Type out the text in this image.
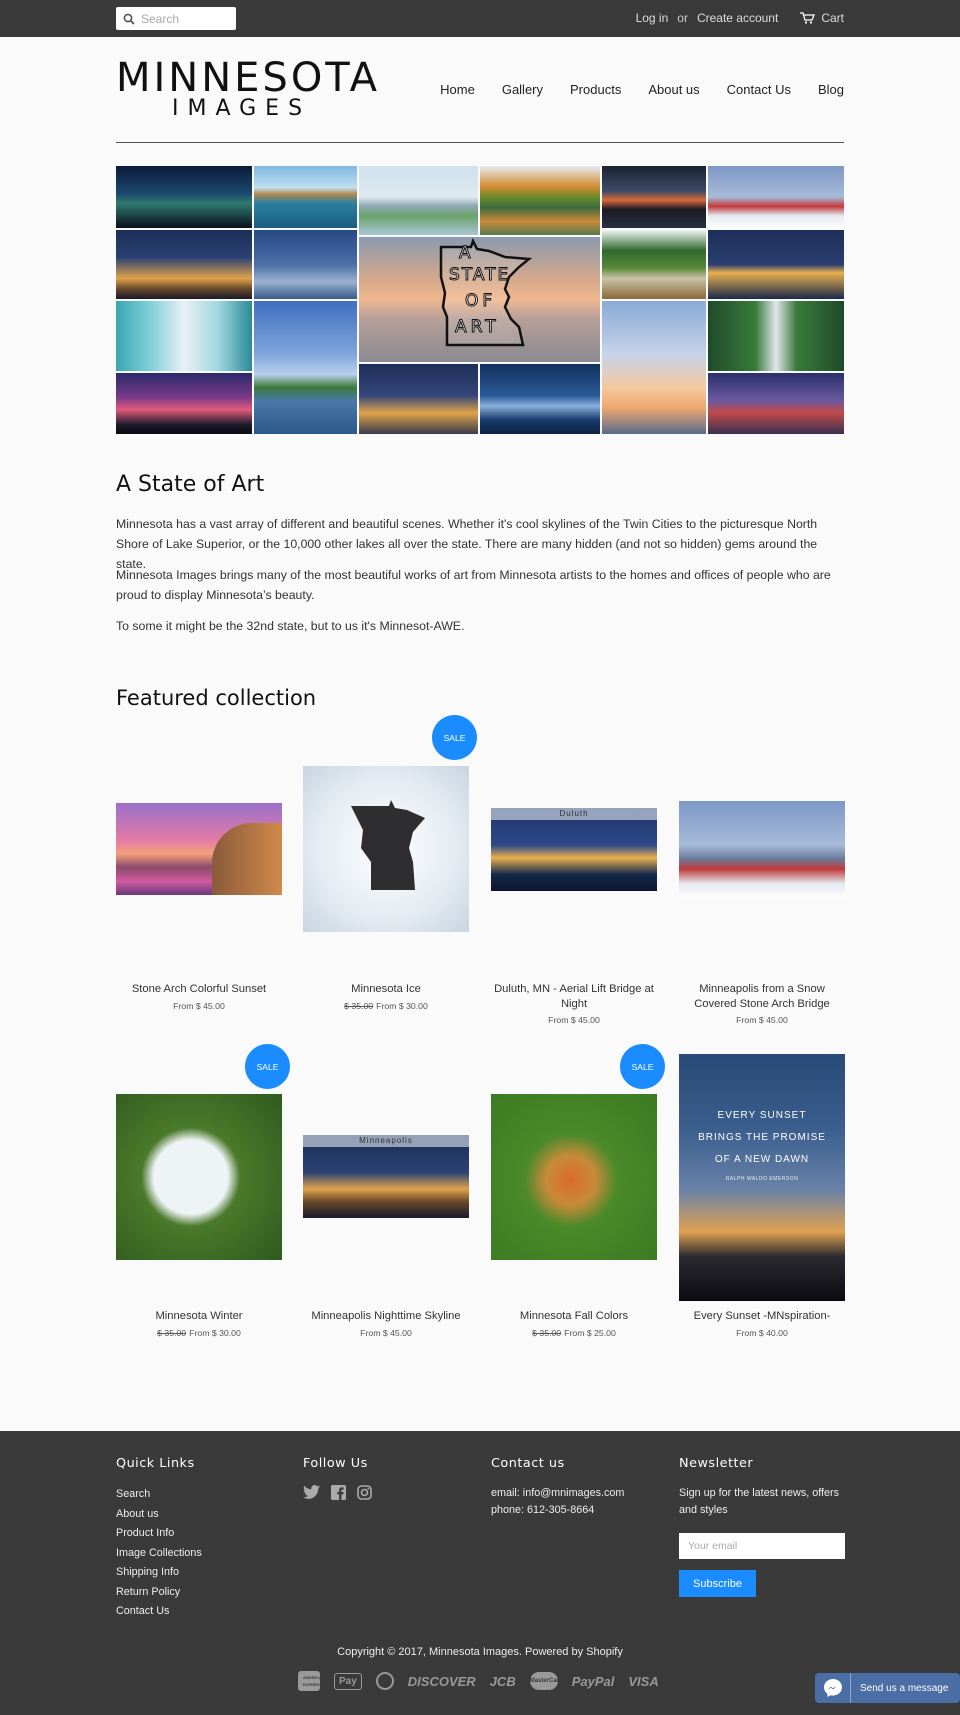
Search
Log in or Create account	Cart
MINNESOTA
IMAGES
Home Gallery Products About us Contact Us Blog
A
STATE
OF
ART
A State of Art
Minnesota has a vast array of different and beautiful scenes. Whether it's cool skylines of the Twin Cities to the picturesque North Shore of Lake Superior, or the 10,000 other lakes all over the state. There are many hidden (and not so hidden) gems around the state.
Minnesota Images brings many of the most beautiful works of art from Minnesota artists to the homes and offices of people who are proud to display Minnesota’s beauty.
To some it might be the 32nd state, but to us it's Minnesot-AWE.
Featured collection
Stone Arch Colorful Sunset
From $ 45.00
Minnesota Ice
$ 35.00 From $ 30.00
SALE
Duluth
Duluth, MN - Aerial Lift Bridge at Night
From $ 45.00
Minneapolis from a Snow Covered Stone Arch Bridge
From $ 45.00
Minnesota Winter
$ 35.00 From $ 30.00
SALE
Minneapolis
Minneapolis Nighttime Skyline
From $ 45.00
Minnesota Fall Colors
$ 35.00 From $ 25.00
SALE
EVERY SUNSET
BRINGS THE PROMISE
OF A NEW DAWN
RALPH WALDO EMERSON
Every Sunset -MNspiration-
From $ 40.00
Quick Links
Search
About us
Product Info
Image Collections
Shipping Info
Return Policy
Contact Us
Follow Us	Contact us
email: info@mnimages.com
phone: 612-305-8664
Newsletter
Sign up for the latest news, offers and styles
Your email
Subscribe
Copyright © 2017, Minnesota Images. Powered by Shopify
AMERICAN EXPRESS	Pay	DISCOVER JCB MasterCard PayPal VISA	Send us a message
